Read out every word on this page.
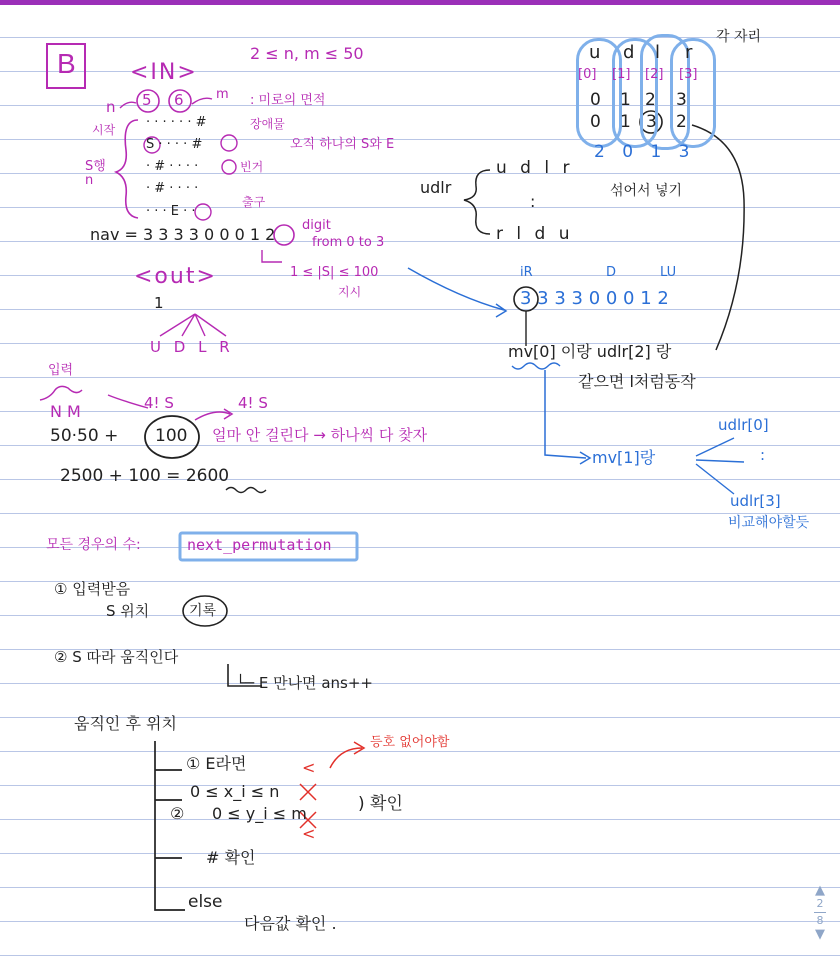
B	2 ≤ n, m ≤ 50
<IN>
n 5 6 m : 미로의 면적
시작
S행
n
· · · · · · #
S · · · · #
· # · · · ·
· # · · · ·
· · · E · ·
장애물
오직 하나의 S와 E
빈거
출구
nav = 3 3 3 3 0 0 0 1 2 digit
from 0 to 3
1 ≤ |S| ≤ 100
지시
<out>
1
U D L R
입력
N M	4! S	4! S
50·50 + 100 얼마 안 걸린다 → 하나씩 다 찾자
2500 + 100 = 2600
모든 경우의 수:	next_permutation
① 입력받음
S 위치	기록
② S 따라 움직인다
└─ E 만나면 ans++
움직인 후 위치
① E라면	<
등호 없어야함
0 ≤ x_i ≤ n
② 0 ≤ y_i ≤ m	) 확인
<
# 확인
else
다음값 확인 .
각 자리
u d l r
[0] [1] [2] [3]
0 1 2 3
0 1 3 2
2 0 1 3
udlr
u d l r
:
r l d u
섞어서 넣기
iR	D	LU
3 3 3 3 0 0 0 1 2
mv[0] 이랑 udlr[2] 랑
같으면 l처럼동작
mv[1]랑
udlr[0]
:
udlr[3]
비교해야할듯
▲
2
8
▼
